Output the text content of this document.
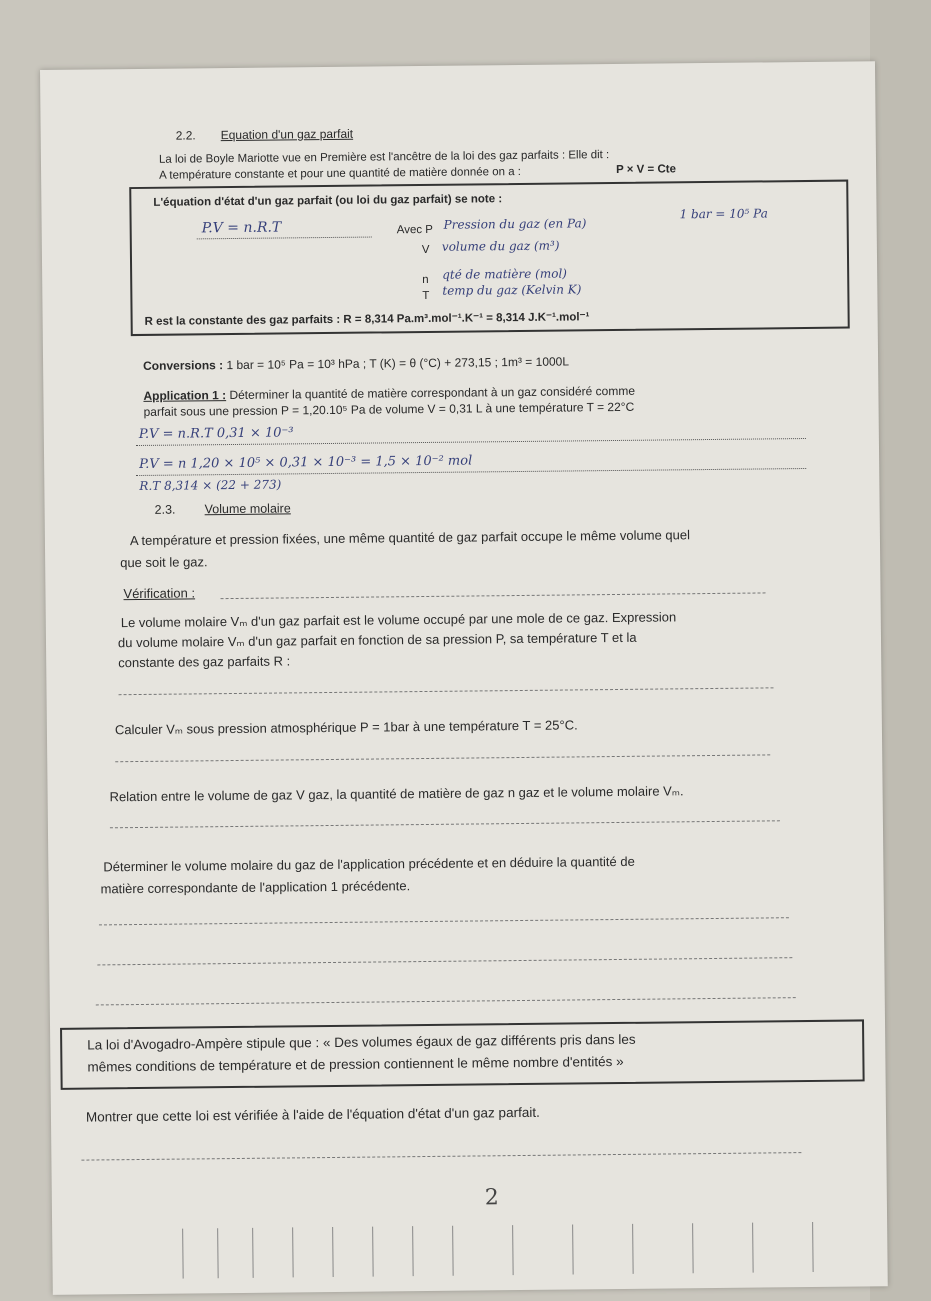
2.2. Equation d'un gaz parfait
La loi de Boyle Mariotte vue en Première est l'ancêtre de la loi des gaz parfaits : Elle dit :
A température constante et pour une quantité de matière donnée on a :	P × V = Cte
L'équation d'état d'un gaz parfait (ou loi du gaz parfait) se note :
P.V = n.R.T	Avec P Pression du gaz (en Pa)
1 bar = 10⁵ Pa
V volume du gaz (m³)
n qté de matière (mol)
T temp du gaz (Kelvin K)
R est la constante des gaz parfaits : R = 8,314 Pa.m³.mol⁻¹.K⁻¹ = 8,314 J.K⁻¹.mol⁻¹
Conversions : 1 bar = 10⁵ Pa = 10³ hPa ; T (K) = θ (°C) + 273,15 ; 1m³ = 1000L
Application 1 : Déterminer la quantité de matière correspondant à un gaz considéré comme
parfait sous une pression P = 1,20.10⁵ Pa de volume V = 0,31 L à une température T = 22°C
P.V = n.R.T 0,31 × 10⁻³
P.V = n 1,20 × 10⁵ × 0,31 × 10⁻³ = 1,5 × 10⁻² mol
R.T 8,314 × (22 + 273)
2.3. Volume molaire
A température et pression fixées, une même quantité de gaz parfait occupe le même volume quel
que soit le gaz.
Vérification :
Le volume molaire Vₘ d'un gaz parfait est le volume occupé par une mole de ce gaz. Expression
du volume molaire Vₘ d'un gaz parfait en fonction de sa pression P, sa température T et la
constante des gaz parfaits R :
Calculer Vₘ sous pression atmosphérique P = 1bar à une température T = 25°C.
Relation entre le volume de gaz V gaz, la quantité de matière de gaz n gaz et le volume molaire Vₘ.
Déterminer le volume molaire du gaz de l'application précédente et en déduire la quantité de
matière correspondante de l'application 1 précédente.
La loi d'Avogadro-Ampère stipule que : « Des volumes égaux de gaz différents pris dans les
mêmes conditions de température et de pression contiennent le même nombre d'entités »
Montrer que cette loi est vérifiée à l'aide de l'équation d'état d'un gaz parfait.
2
